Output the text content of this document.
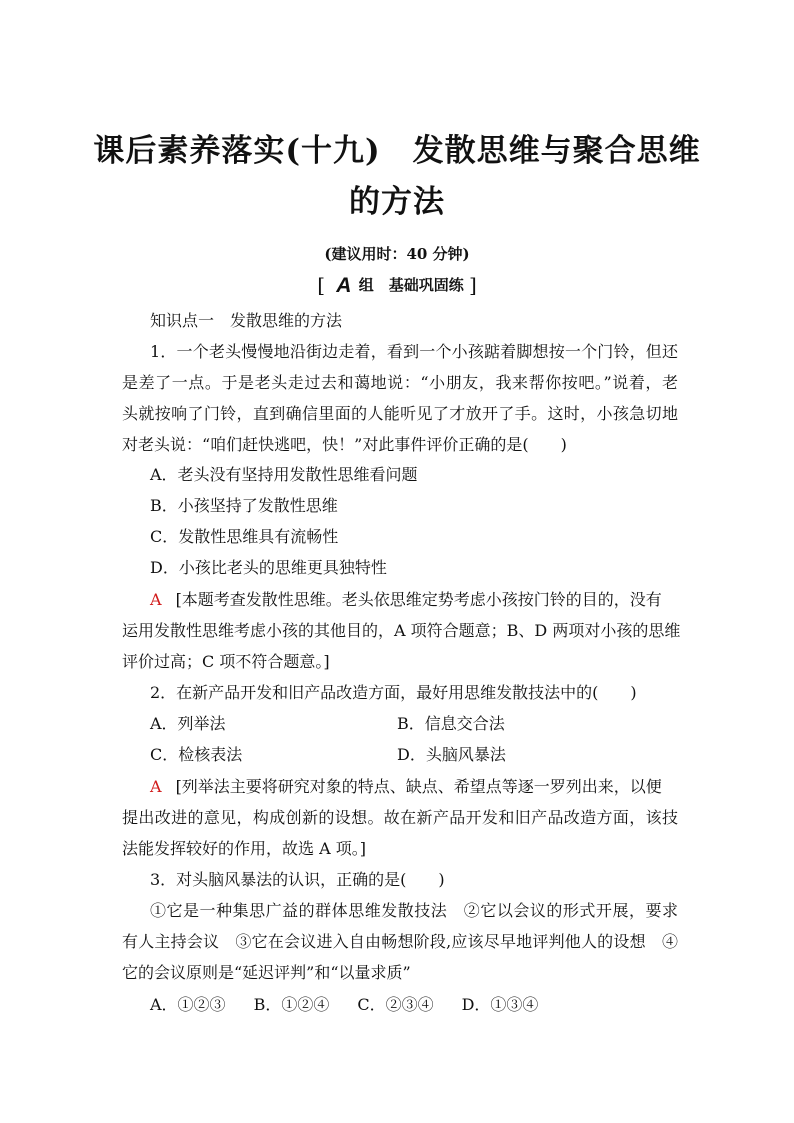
课后素养落实(十九)　发散思维与聚合思维
的方法
(建议用时：40 分钟)
[ A 组　基础巩固练 ]
知识点一　发散思维的方法
1．一个老头慢慢地沿街边走着，看到一个小孩踮着脚想按一个门铃，但还
是差了一点。于是老头走过去和蔼地说：“小朋友，我来帮你按吧。”说着，老
头就按响了门铃，直到确信里面的人能听见了才放开了手。这时，小孩急切地
对老头说：“咱们赶快逃吧，快！”对此事件评价正确的是(　　)
A．老头没有坚持用发散性思维看问题
B．小孩坚持了发散性思维
C．发散性思维具有流畅性
D．小孩比老头的思维更具独特性
A [本题考查发散性思维。老头依思维定势考虑小孩按门铃的目的，没有
运用发散性思维考虑小孩的其他目的，A 项符合题意；B、D 两项对小孩的思维
评价过高；C 项不符合题意。]
2．在新产品开发和旧产品改造方面，最好用思维发散技法中的(　　)
A．列举法	B．信息交合法
C．检核表法	D．头脑风暴法
A [列举法主要将研究对象的特点、缺点、希望点等逐一罗列出来，以便
提出改进的意见，构成创新的设想。故在新产品开发和旧产品改造方面，该技
法能发挥较好的作用，故选 A 项。]
3．对头脑风暴法的认识，正确的是(　　)
①它是一种集思广益的群体思维发散技法　②它以会议的形式开展，要求
有人主持会议　③它在会议进入自由畅想阶段,应该尽早地评判他人的设想　④
它的会议原则是“延迟评判”和“以量求质”
A．①②③ B．①②④ C．②③④ D．①③④
